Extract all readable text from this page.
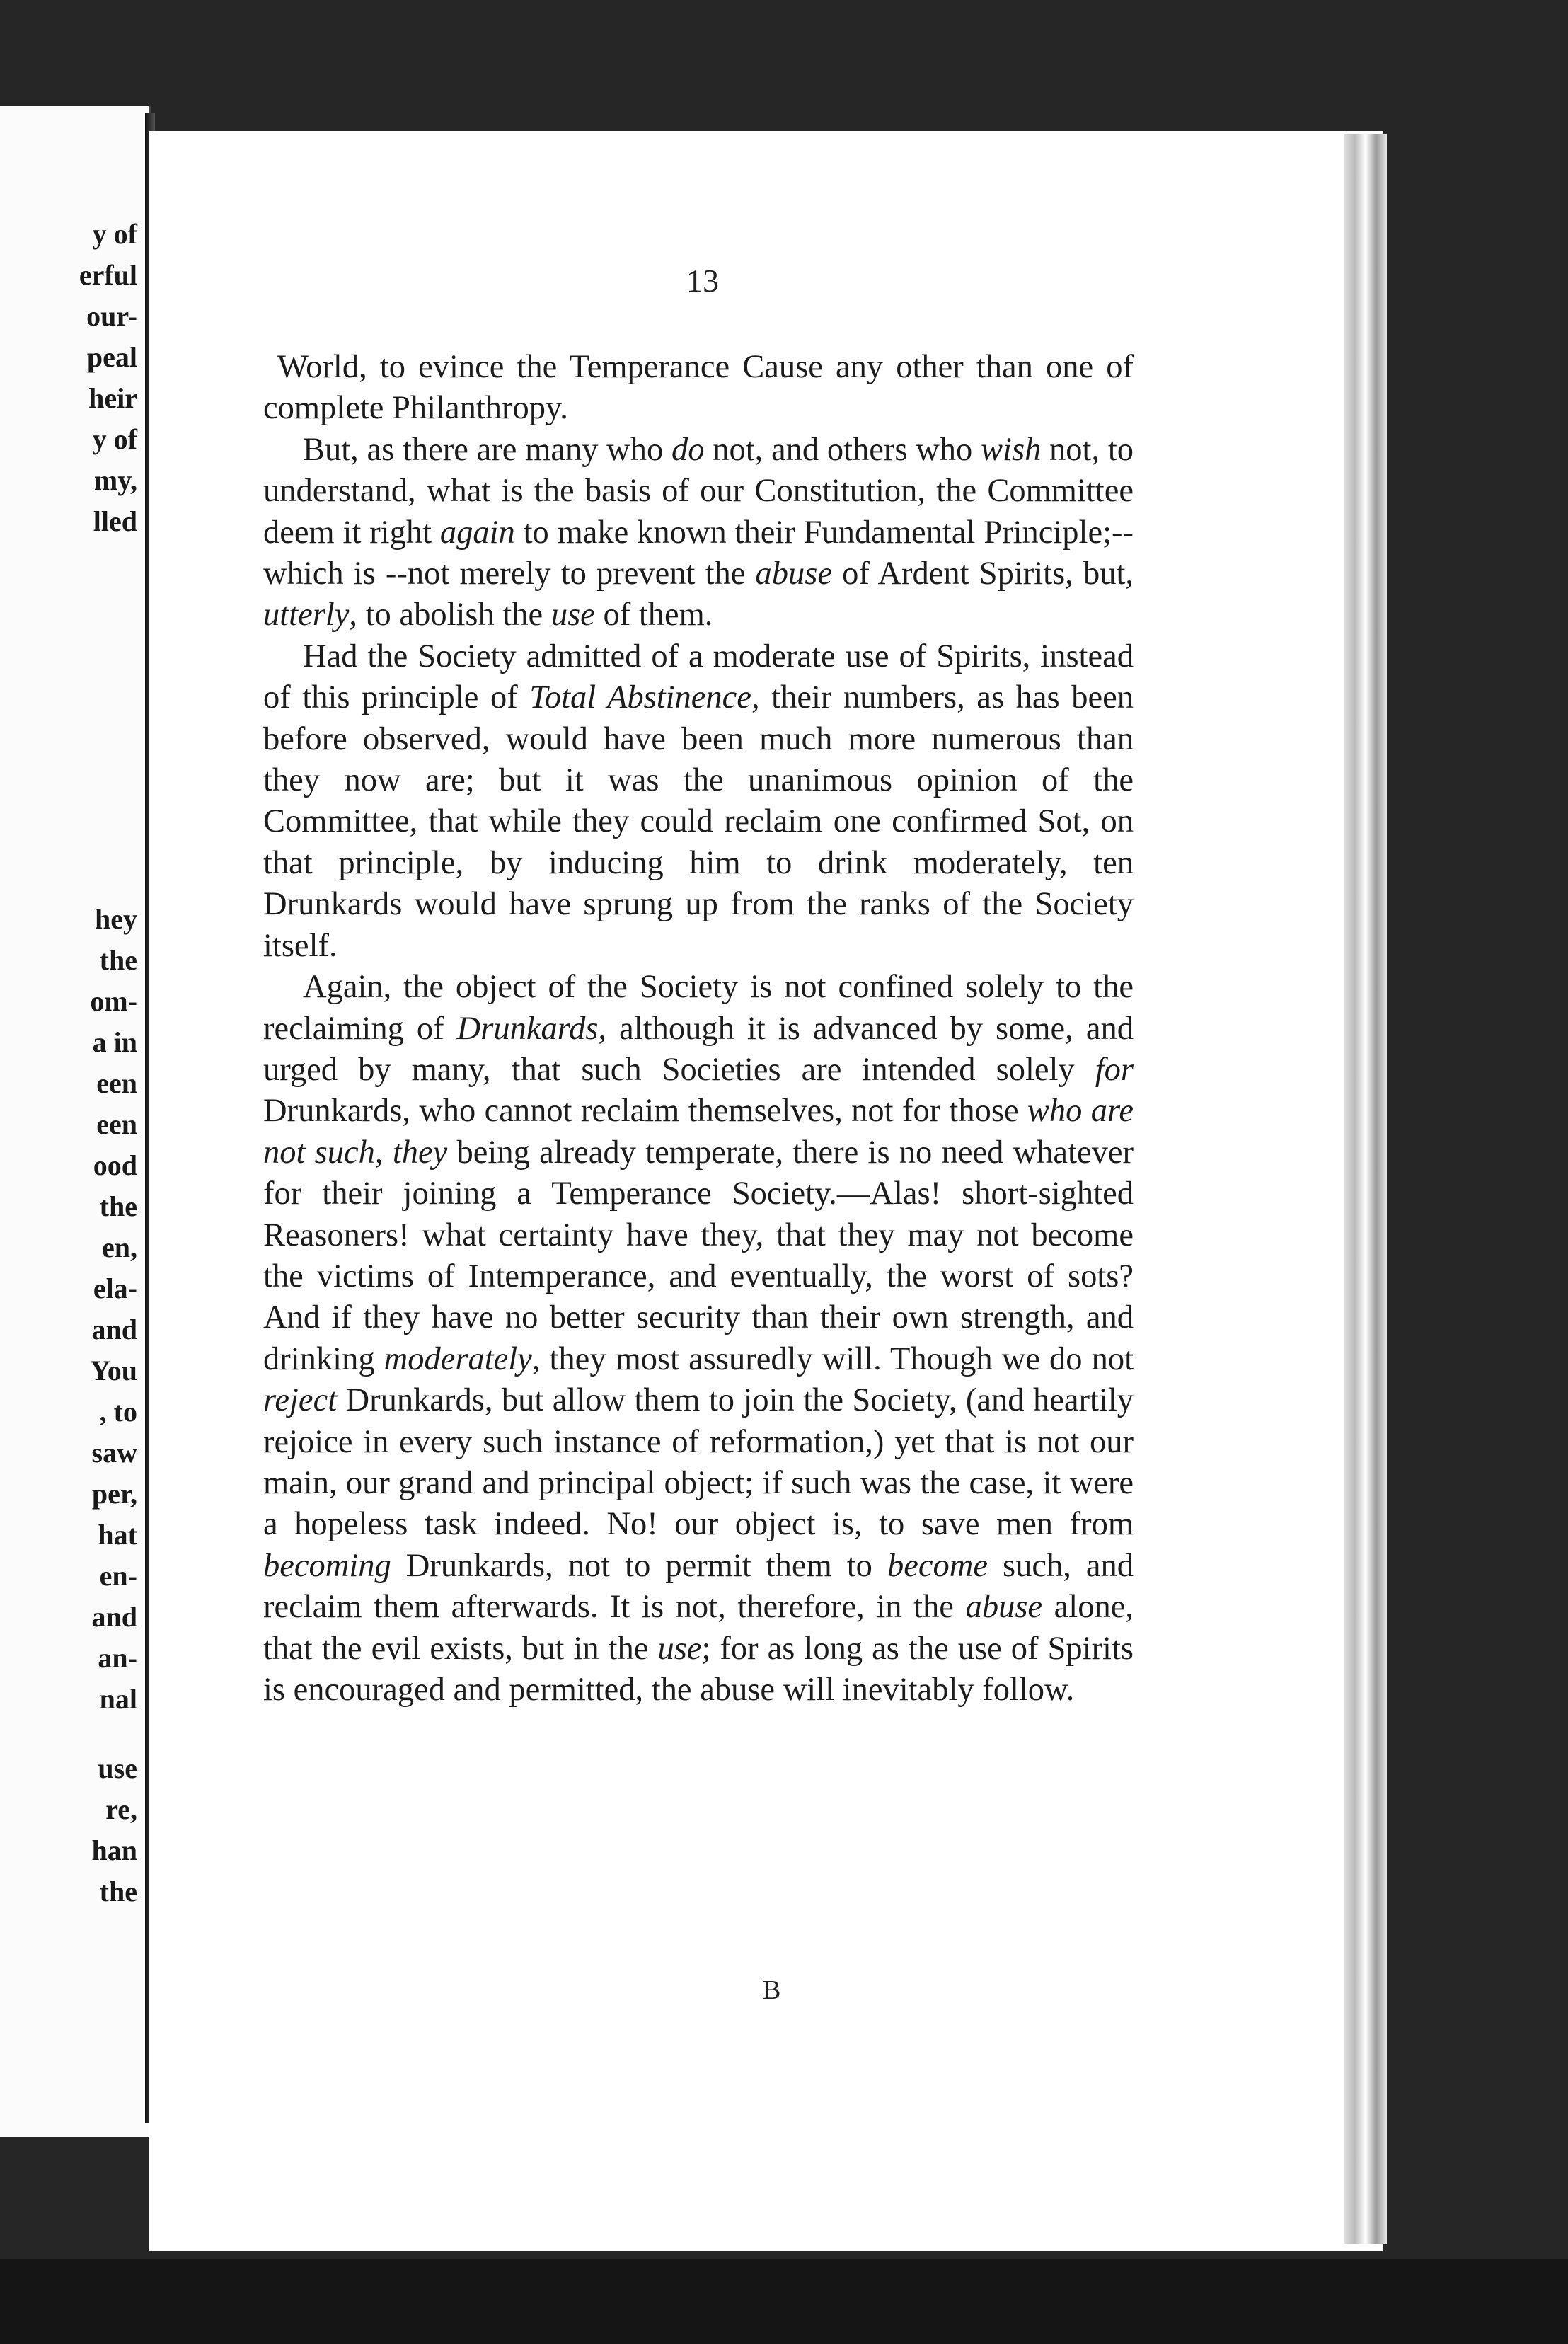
y of
erful
our-
peal
heir
y of
my,
lled
hey
the
om-
a in
een
een
ood
the
en,
ela-
and
You
, to
saw
per,
hat
en-
and
an-
nal
use
re,
han
the
13

World, to evince the Temperance Cause any other than one of complete Philanthropy.

But, as there are many who do not, and others who wish not, to understand, what is the basis of our Constitution, the Committee deem it right again to make known their Fundamental Principle;--which is --not merely to prevent the abuse of Ardent Spirits, but, utterly, to abolish the use of them.

Had the Society admitted of a moderate use of Spirits, instead of this principle of Total Abstinence, their numbers, as has been before observed, would have been much more numerous than they now are; but it was the unanimous opinion of the Committee, that while they could reclaim one confirmed Sot, on that principle, by inducing him to drink moderately, ten Drunkards would have sprung up from the ranks of the Society itself.

Again, the object of the Society is not confined solely to the reclaiming of Drunkards, although it is advanced by some, and urged by many, that such Societies are intended solely for Drunkards, who cannot reclaim themselves, not for those who are not such, they being already temperate, there is no need whatever for their joining a Temperance Society.—Alas! short-sighted Reasoners! what certainty have they, that they may not become the victims of Intemperance, and eventually, the worst of sots? And if they have no better security than their own strength, and drinking moderately, they most assuredly will. Though we do not reject Drunkards, but allow them to join the Society, (and heartily rejoice in every such instance of reformation,) yet that is not our main, our grand and principal object; if such was the case, it were a hopeless task indeed. No! our object is, to save men from becoming Drunkards, not to permit them to become such, and reclaim them afterwards. It is not, therefore, in the abuse alone, that the evil exists, but in the use; for as long as the use of Spirits is encouraged and permitted, the abuse will inevitably follow.

B
